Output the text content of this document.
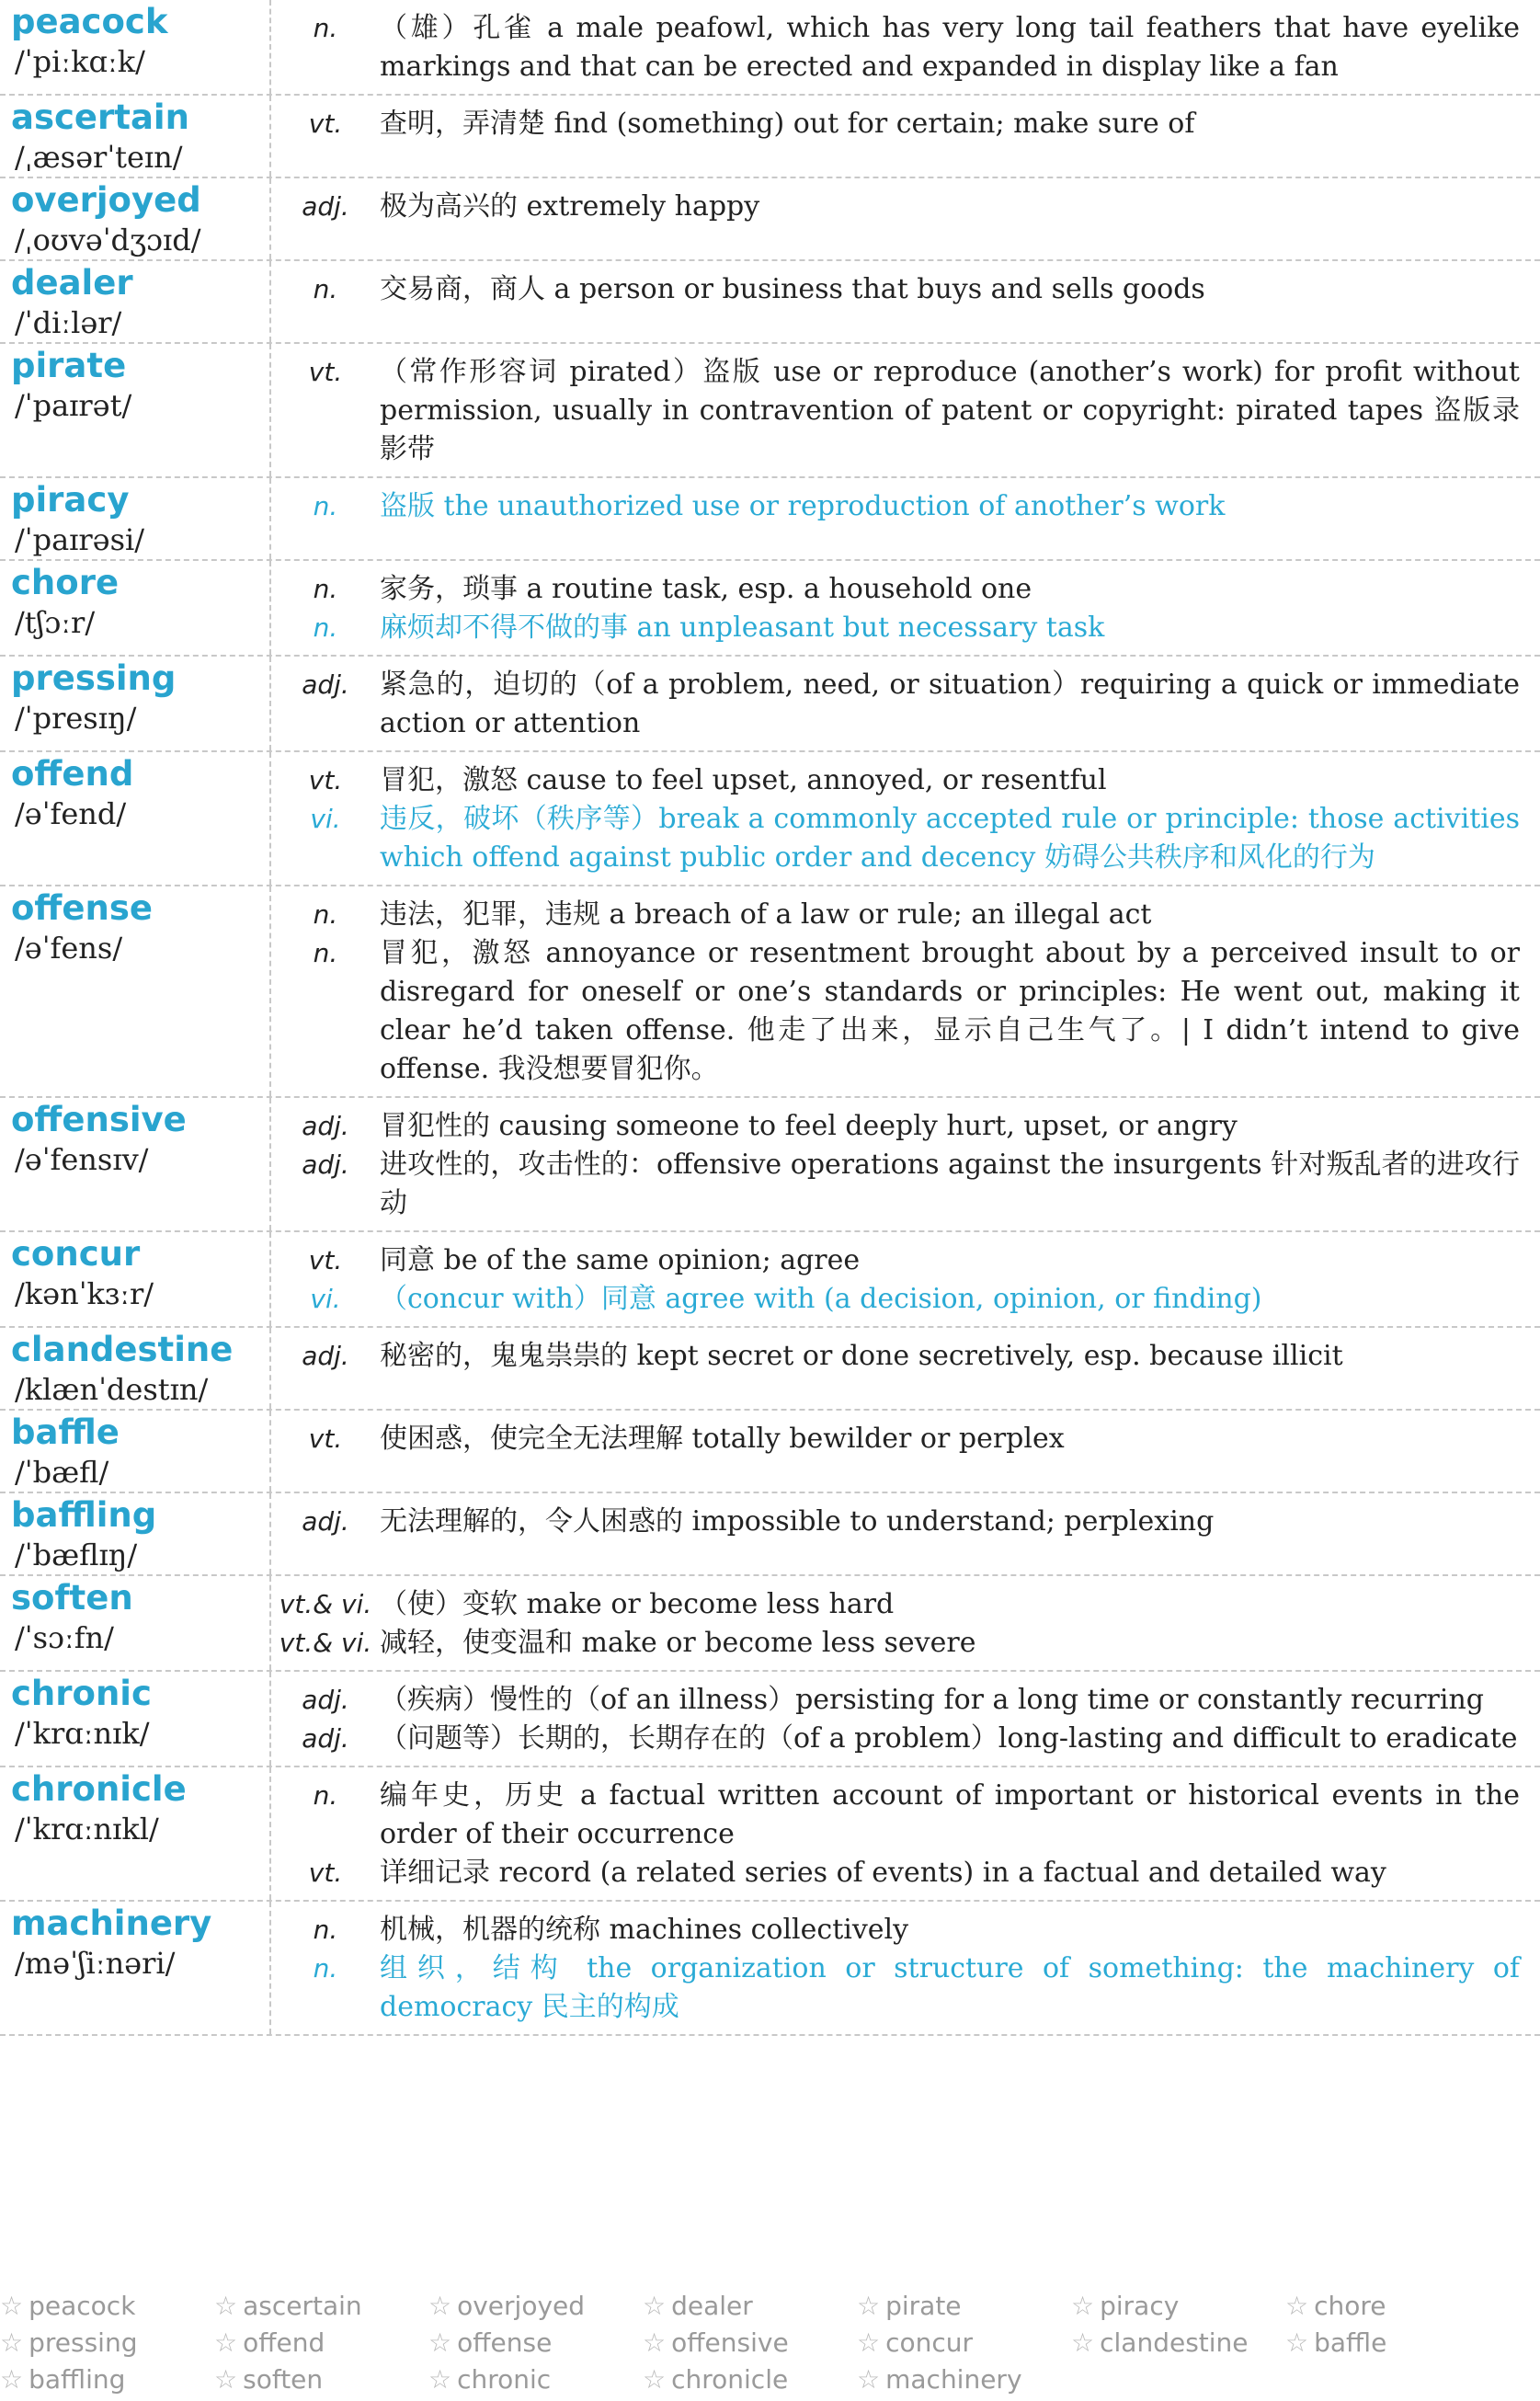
peacock
/ˈpiːkɑːk/
n.	（雄）孔雀 a male peafowl, which has very long tail feathers that have eyelike markings and that can be erected and expanded in display like a fan
ascertain
/ˌæsərˈteɪn/
vt.	查明，弄清楚 find (something) out for certain; make sure of
overjoyed
/ˌoʊvəˈdʒɔɪd/
adj.	极为高兴的 extremely happy
dealer
/ˈdiːlər/
n.	交易商，商人 a person or business that buys and sells goods
pirate
/ˈpaɪrət/
vt.	（常作形容词 pirated）盗版 use or reproduce (another’s work) for profit without permission, usually in contravention of patent or copyright: pirated tapes 盗版录影带
piracy
/ˈpaɪrəsi/
n.	盗版 the unauthorized use or reproduction of another’s work
chore
/tʃɔːr/
n.	家务，琐事 a routine task, esp. a household one
n.	麻烦却不得不做的事 an unpleasant but necessary task
pressing
/ˈpresɪŋ/
adj.	紧急的，迫切的（of a problem, need, or situation）requiring a quick or immediate action or attention
offend
/əˈfend/
vt.	冒犯，激怒 cause to feel upset, annoyed, or resentful
vi.	违反，破坏（秩序等）break a commonly accepted rule or principle: those activities which offend against public order and decency 妨碍公共秩序和风化的行为
offense
/əˈfens/
n.	违法，犯罪，违规 a breach of a law or rule; an illegal act
n.	冒犯，激怒 annoyance or resentment brought about by a perceived insult to or disregard for oneself or one’s standards or principles: He went out, making it clear he’d taken offense. 他走了出来，显示自己生气了。| I didn’t intend to give offense. 我没想要冒犯你。
offensive
/əˈfensɪv/
adj.	冒犯性的 causing someone to feel deeply hurt, upset, or angry
adj.	进攻性的，攻击性的：offensive operations against the insurgents 针对叛乱者的进攻行动
concur
/kənˈkɜːr/
vt.	同意 be of the same opinion; agree
vi.	（concur with）同意 agree with (a decision, opinion, or finding)
clandestine
/klænˈdestɪn/
adj.	秘密的，鬼鬼祟祟的 kept secret or done secretively, esp. because illicit
baffle
/ˈbæfl/
vt.	使困惑，使完全无法理解 totally bewilder or perplex
baffling
/ˈbæflɪŋ/
adj.	无法理解的，令人困惑的 impossible to understand; perplexing
soften
/ˈsɔːfn/
vt.& vi. （使）变软 make or become less hard
vt.& vi. 减轻，使变温和 make or become less severe
chronic
/ˈkrɑːnɪk/
adj.	（疾病）慢性的（of an illness）persisting for a long time or constantly recurring
adj.	（问题等）长期的，长期存在的（of a problem）long-lasting and difficult to eradicate
chronicle
/ˈkrɑːnɪkl/
n.	编年史，历史 a factual written account of important or historical events in the order of their occurrence
vt.	详细记录 record (a related series of events) in a factual and detailed way
machinery
/məˈʃiːnəri/
n.	机械，机器的统称 machines collectively
n.	组织，结构 the organization or structure of something: the machinery of democracy 民主的构成
☆ peacock	☆ ascertain	☆ overjoyed	☆ dealer	☆ pirate	☆ piracy	☆ chore
☆ pressing	☆ offend	☆ offense	☆ offensive	☆ concur	☆ clandestine	☆ baffle
☆ baffling	☆ soften	☆ chronic	☆ chronicle	☆ machinery
